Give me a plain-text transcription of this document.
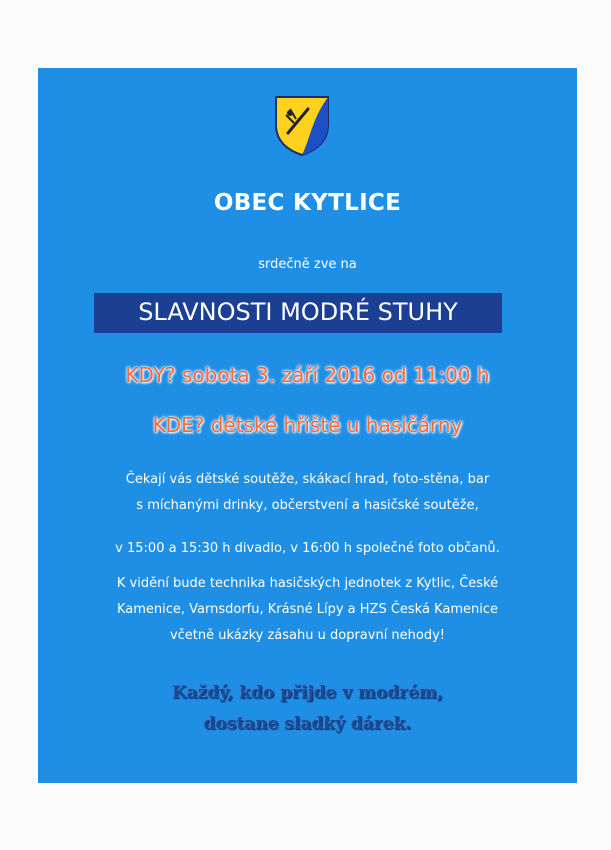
OBEC KYTLICE
srdečně zve na
SLAVNOSTI MODRÉ STUHY
KDY? sobota 3. září 2016 od 11:00 h
KDE? dětské hřiště u hasičárny
Čekají vás dětské soutěže, skákací hrad, foto-stěna, bar
s míchanými drinky, občerstvení a hasičské soutěže,
v 15:00 a 15:30 h divadlo, v 16:00 h společné foto občanů.
K vidění bude technika hasičských jednotek z Kytlic, České
Kamenice, Varnsdorfu, Krásné Lípy a HZS Česká Kamenice
včetně ukázky zásahu u dopravní nehody!
Každý, kdo přijde v modrém,
dostane sladký dárek.
